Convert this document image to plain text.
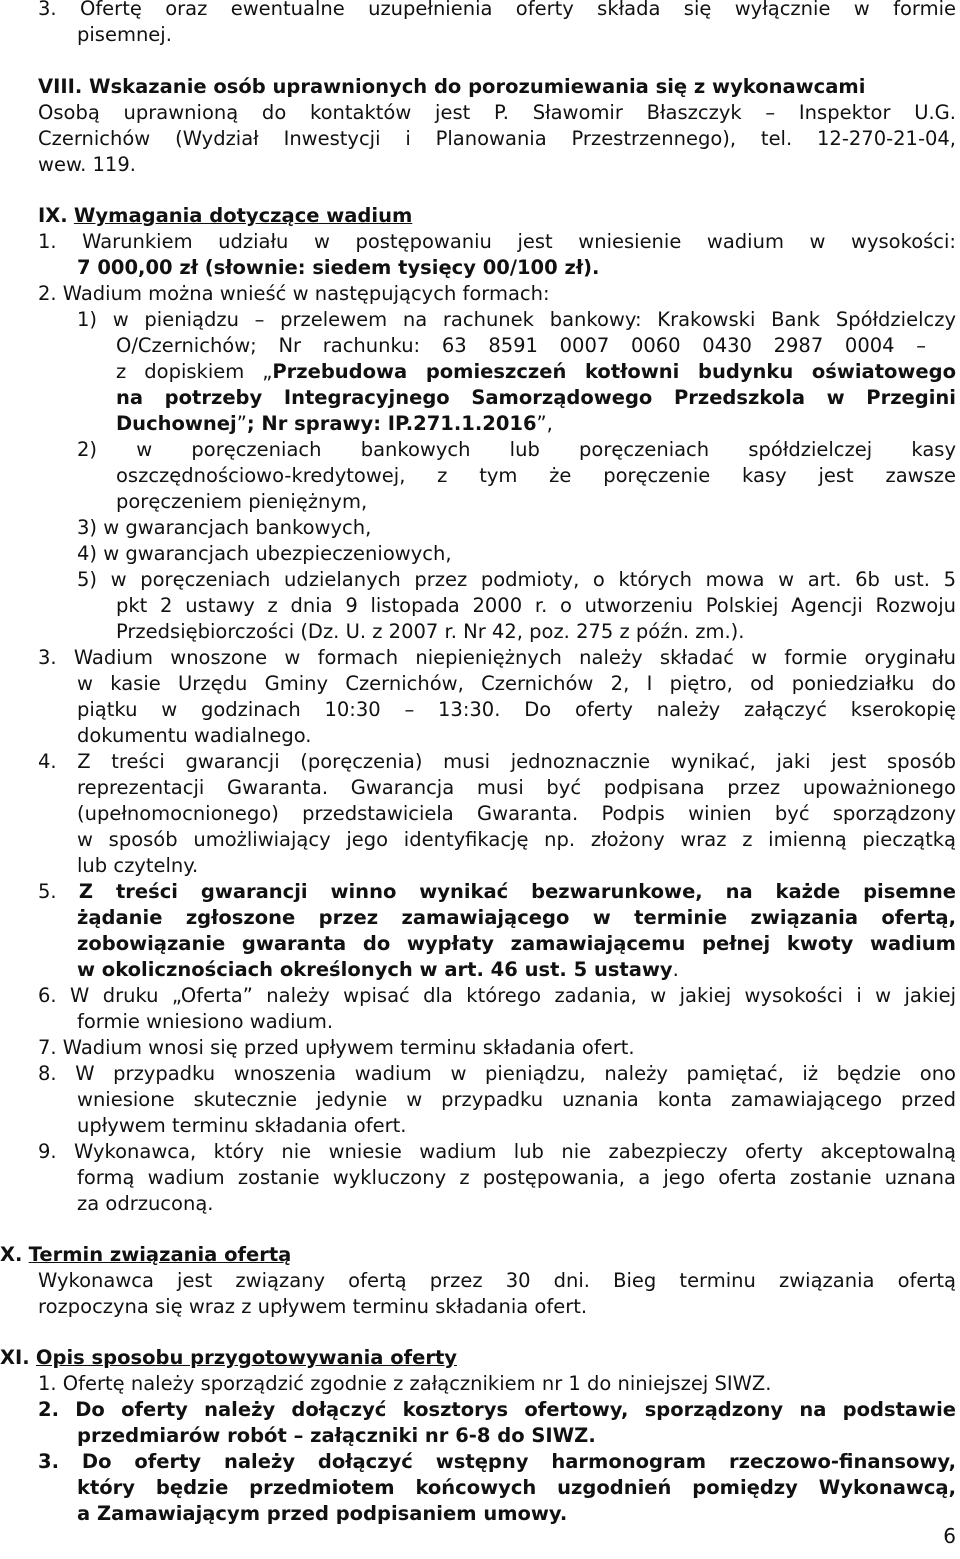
3. Ofertę oraz ewentualne uzupełnienia oferty składa się wyłącznie w formie
pisemnej.
VIII. Wskazanie osób uprawnionych do porozumiewania się z wykonawcami
Osobą uprawnioną do kontaktów jest P. Sławomir Błaszczyk – Inspektor U.G.
Czernichów (Wydział Inwestycji i Planowania Przestrzennego), tel. 12-270-21-04,
wew. 119.
IX. Wymagania dotyczące wadium
1. Warunkiem udziału w postępowaniu jest wniesienie wadium w wysokości:
7 000,00 zł (słownie: siedem tysięcy 00/100 zł).
2. Wadium można wnieść w następujących formach:
1) w pieniądzu – przelewem na rachunek bankowy: Krakowski Bank Spółdzielczy
O/Czernichów; Nr rachunku: 63 8591 0007 0060 0430 2987 0004 –
z dopiskiem „Przebudowa pomieszczeń kotłowni budynku oświatowego
na potrzeby Integracyjnego Samorządowego Przedszkola w Przegini
Duchownej”; Nr sprawy: IP.271.1.2016”,
2) w poręczeniach bankowych lub poręczeniach spółdzielczej kasy
oszczędnościowo-kredytowej, z tym że poręczenie kasy jest zawsze
poręczeniem pieniężnym,
3) w gwarancjach bankowych,
4) w gwarancjach ubezpieczeniowych,
5) w poręczeniach udzielanych przez podmioty, o których mowa w art. 6b ust. 5
pkt 2 ustawy z dnia 9 listopada 2000 r. o utworzeniu Polskiej Agencji Rozwoju
Przedsiębiorczości (Dz. U. z 2007 r. Nr 42, poz. 275 z późn. zm.).
3. Wadium wnoszone w formach niepieniężnych należy składać w formie oryginału
w kasie Urzędu Gminy Czernichów, Czernichów 2, I piętro, od poniedziałku do
piątku w godzinach 10:30 – 13:30. Do oferty należy załączyć kserokopię
dokumentu wadialnego.
4. Z treści gwarancji (poręczenia) musi jednoznacznie wynikać, jaki jest sposób
reprezentacji Gwaranta. Gwarancja musi być podpisana przez upoważnionego
(upełnomocnionego) przedstawiciela Gwaranta. Podpis winien być sporządzony
w sposób umożliwiający jego identyfikację np. złożony wraz z imienną pieczątką
lub czytelny.
5. Z treści gwarancji winno wynikać bezwarunkowe, na każde pisemne
żądanie zgłoszone przez zamawiającego w terminie związania ofertą,
zobowiązanie gwaranta do wypłaty zamawiającemu pełnej kwoty wadium
w okolicznościach określonych w art. 46 ust. 5 ustawy.
6. W druku „Oferta” należy wpisać dla którego zadania, w jakiej wysokości i w jakiej
formie wniesiono wadium.
7. Wadium wnosi się przed upływem terminu składania ofert.
8. W przypadku wnoszenia wadium w pieniądzu, należy pamiętać, iż będzie ono
wniesione skutecznie jedynie w przypadku uznania konta zamawiającego przed
upływem terminu składania ofert.
9. Wykonawca, który nie wniesie wadium lub nie zabezpieczy oferty akceptowalną
formą wadium zostanie wykluczony z postępowania, a jego oferta zostanie uznana
za odrzuconą.
X. Termin związania ofertą
Wykonawca jest związany ofertą przez 30 dni. Bieg terminu związania ofertą
rozpoczyna się wraz z upływem terminu składania ofert.
XI. Opis sposobu przygotowywania oferty
1. Ofertę należy sporządzić zgodnie z załącznikiem nr 1 do niniejszej SIWZ.
2. Do oferty należy dołączyć kosztorys ofertowy, sporządzony na podstawie
przedmiarów robót – załączniki nr 6-8 do SIWZ.
3. Do oferty należy dołączyć wstępny harmonogram rzeczowo-finansowy,
który będzie przedmiotem końcowych uzgodnień pomiędzy Wykonawcą,
a Zamawiającym przed podpisaniem umowy.
6
